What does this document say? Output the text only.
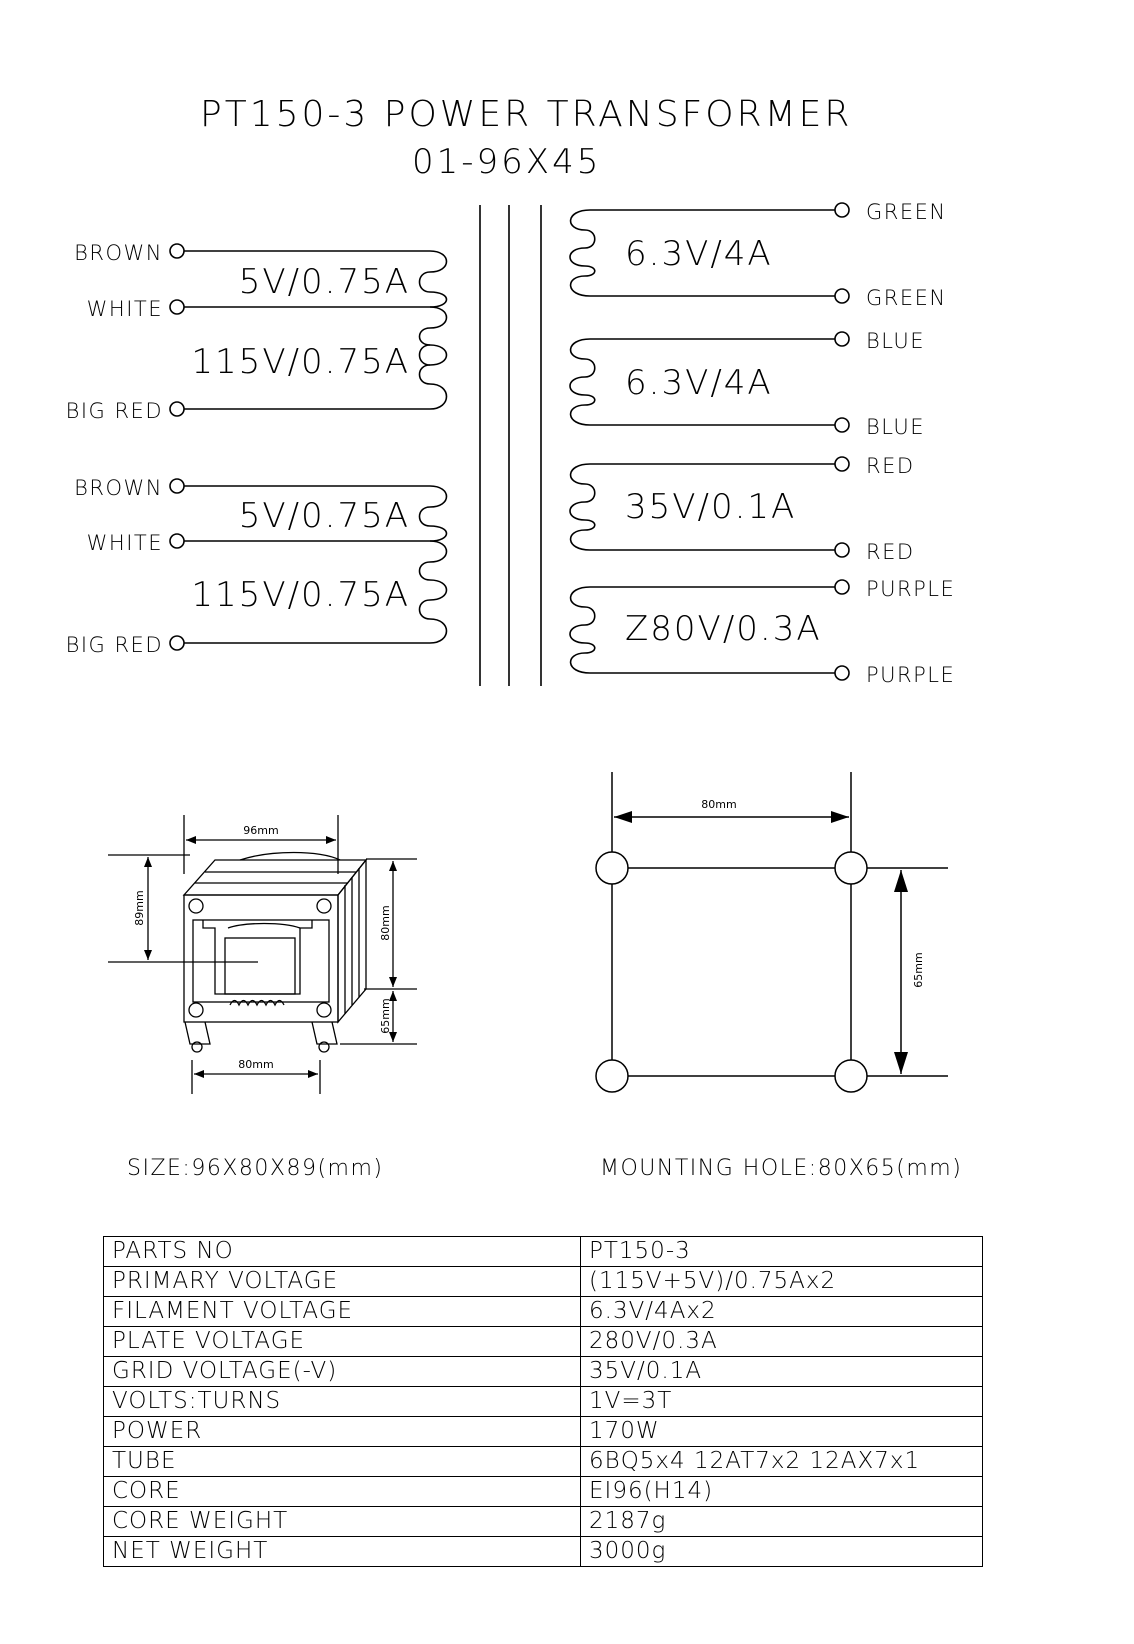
PT150-3 POWER TRANSFORMER
01-96X45
BROWN
WHITE
BIG RED
5V/0.75A
115V/0.75A
BROWN
WHITE
BIG RED
5V/0.75A
115V/0.75A
6.3V/4A
GREEN
GREEN
6.3V/4A
BLUE
BLUE
35V/0.1A
RED
RED
Z80V/0.3A
PURPLE
PURPLE
96mm
89mm	80mm
65mm
80mm
SIZE:96X80X89(mm)
80mm
65mm
MOUNTING HOLE:80X65(mm)
PARTS NO	PT150-3
PRIMARY VOLTAGE	(115V+5V)/0.75Ax2
FILAMENT VOLTAGE	6.3V/4Ax2
PLATE VOLTAGE	280V/0.3A
GRID VOLTAGE(-V)	35V/0.1A
VOLTS:TURNS	1V=3T
POWER	170W
TUBE	6BQ5x4 12AT7x2 12AX7x1
CORE	EI96(H14)
CORE WEIGHT	2187g
NET WEIGHT	3000g
